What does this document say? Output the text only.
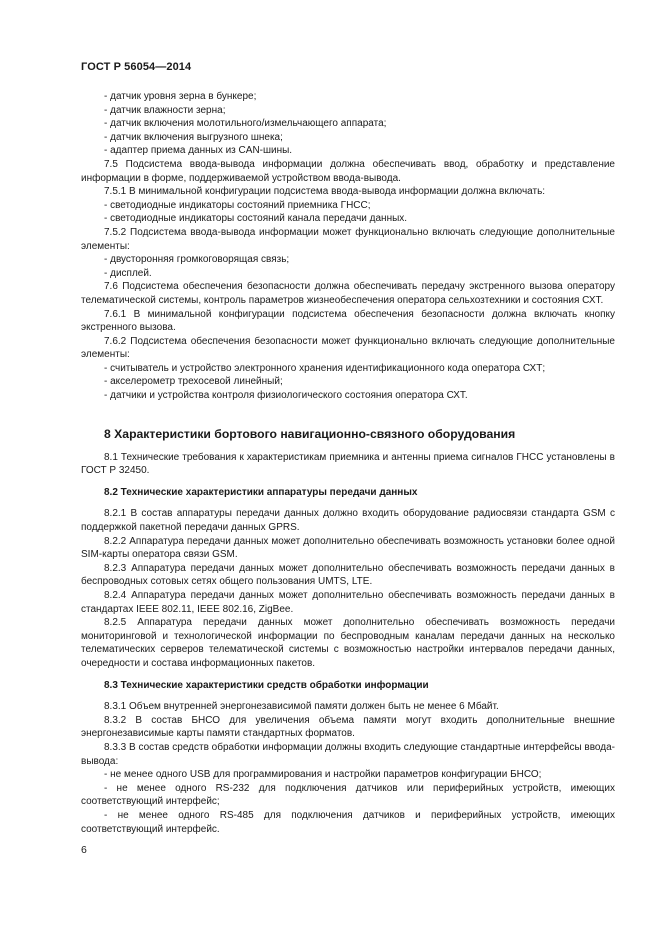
ГОСТ Р 56054—2014

- датчик уровня зерна в бункере;

- датчик влажности зерна;

- датчик включения молотильного/измельчающего аппарата;

- датчик включения выгрузного шнека;

- адаптер приема данных из CAN-шины.

7.5 Подсистема ввода-вывода информации должна обеспечивать ввод, обработку и представление информации в форме, поддерживаемой устройством ввода-вывода.

7.5.1 В минимальной конфигурации подсистема ввода-вывода информации должна включать:

- светодиодные индикаторы состояний приемника ГНСС;

- светодиодные индикаторы состояний канала передачи данных.

7.5.2 Подсистема ввода-вывода информации может функционально включать следующие дополнительные элементы:

- двусторонняя громкоговорящая связь;

- дисплей.

7.6 Подсистема обеспечения безопасности должна обеспечивать передачу экстренного вызова оператору телематической системы, контроль параметров жизнеобеспечения оператора сельхозтехники и состояния СХТ.

7.6.1 В минимальной конфигурации подсистема обеспечения безопасности должна включать кнопку экстренного вызова.

7.6.2 Подсистема обеспечения безопасности может функционально включать следующие дополнительные элементы:

- считыватель и устройство электронного хранения идентификационного кода оператора СХТ;

- акселерометр трехосевой линейный;

- датчики и устройства контроля физиологического состояния оператора СХТ.

8 Характеристики бортового навигационно-связного оборудования

8.1 Технические требования к характеристикам приемника и антенны приема сигналов ГНСС установлены в ГОСТ Р 32450.

8.2 Технические характеристики аппаратуры передачи данных

8.2.1 В состав аппаратуры передачи данных должно входить оборудование радиосвязи стандарта GSM с поддержкой пакетной передачи данных GPRS.

8.2.2 Аппаратура передачи данных может дополнительно обеспечивать возможность установки более одной SIM-карты оператора связи GSM.

8.2.3 Аппаратура передачи данных может дополнительно обеспечивать возможность передачи данных в беспроводных сотовых сетях общего пользования UMTS, LTE.

8.2.4 Аппаратура передачи данных может дополнительно обеспечивать возможность передачи данных в стандартах IEEE 802.11, IEEE 802.16, ZigBee.

8.2.5 Аппаратура передачи данных может дополнительно обеспечивать возможность передачи мониторинговой и технологической информации по беспроводным каналам передачи данных на несколько телематических серверов телематической системы с возможностью настройки интервалов передачи данных, очередности и состава информационных пакетов.

8.3 Технические характеристики средств обработки информации

8.3.1 Объем внутренней энергонезависимой памяти должен быть не менее 6 Мбайт.

8.3.2 В состав БНСО для увеличения объема памяти могут входить дополнительные внешние энергонезависимые карты памяти стандартных форматов.

8.3.3 В состав средств обработки информации должны входить следующие стандартные интерфейсы ввода-вывода:

- не менее одного USB для программирования и настройки параметров конфигурации БНСО;

- не менее одного RS-232 для подключения датчиков или периферийных устройств, имеющих соответствующий интерфейс;

- не менее одного RS-485 для подключения датчиков и периферийных устройств, имеющих соответствующий интерфейс.

6
